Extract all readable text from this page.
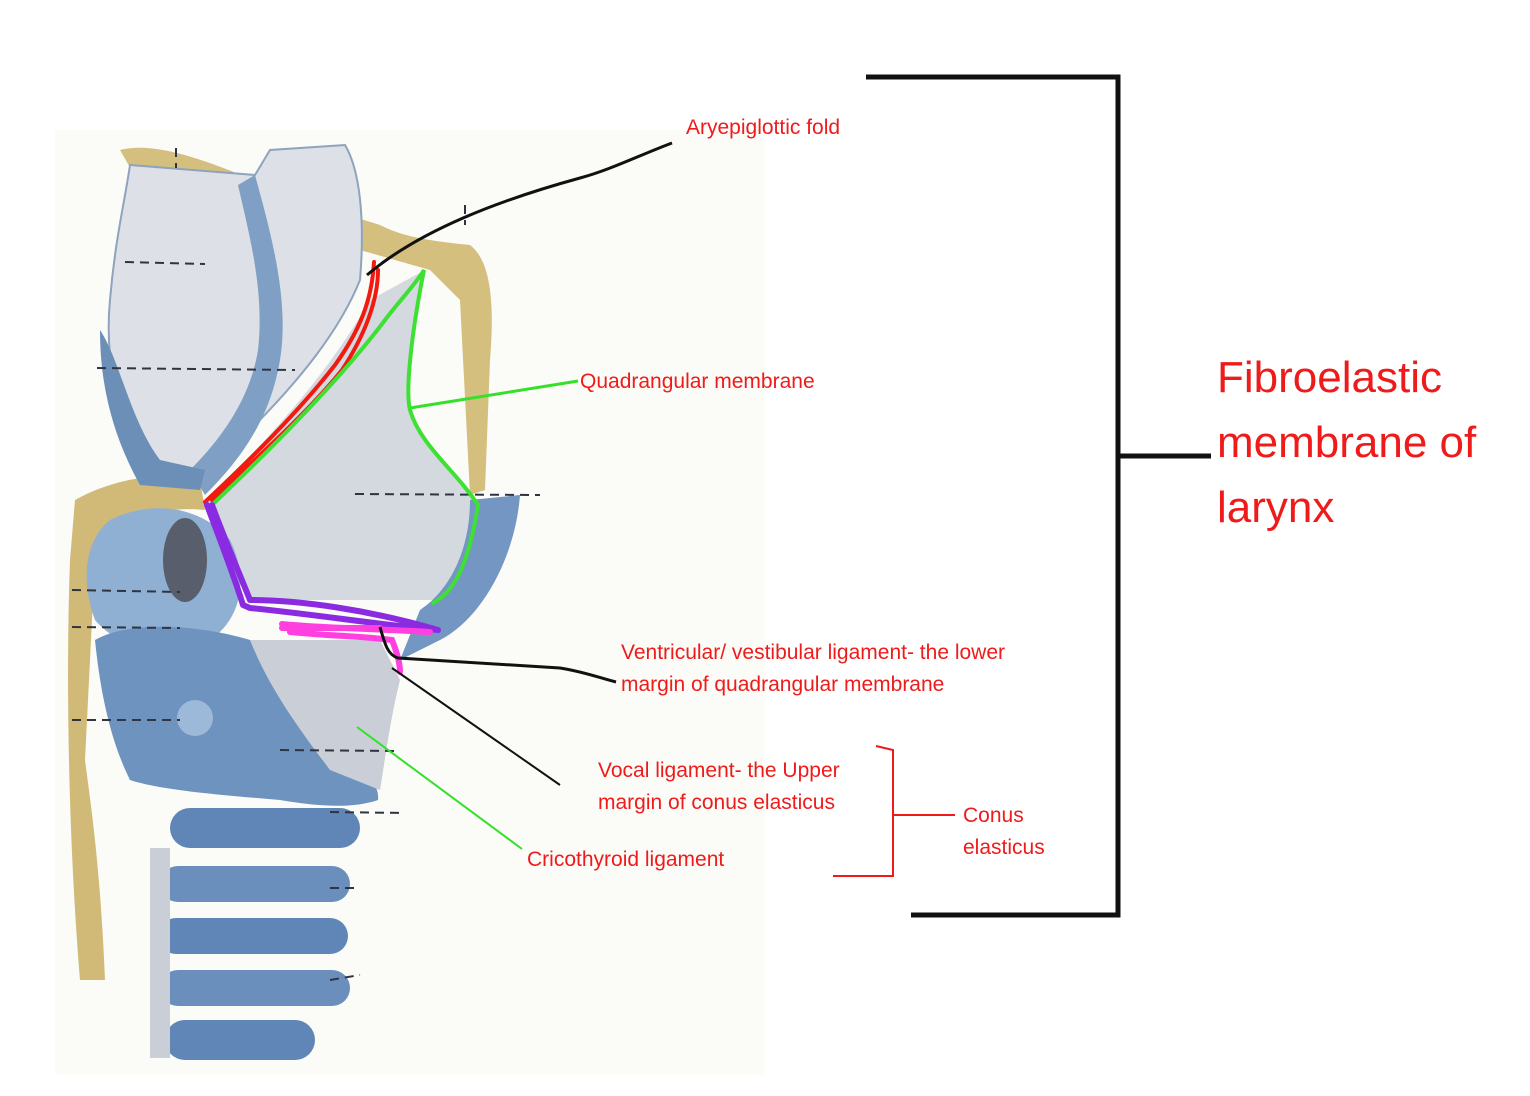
Aryepiglottic fold
Quadrangular membrane
Ventricular/ vestibular ligament- the lower
margin of quadrangular membrane
Vocal ligament- the Upper
margin of conus elasticus
Cricothyroid ligament
Conus
elasticus
Fibroelastic
membrane of
larynx
